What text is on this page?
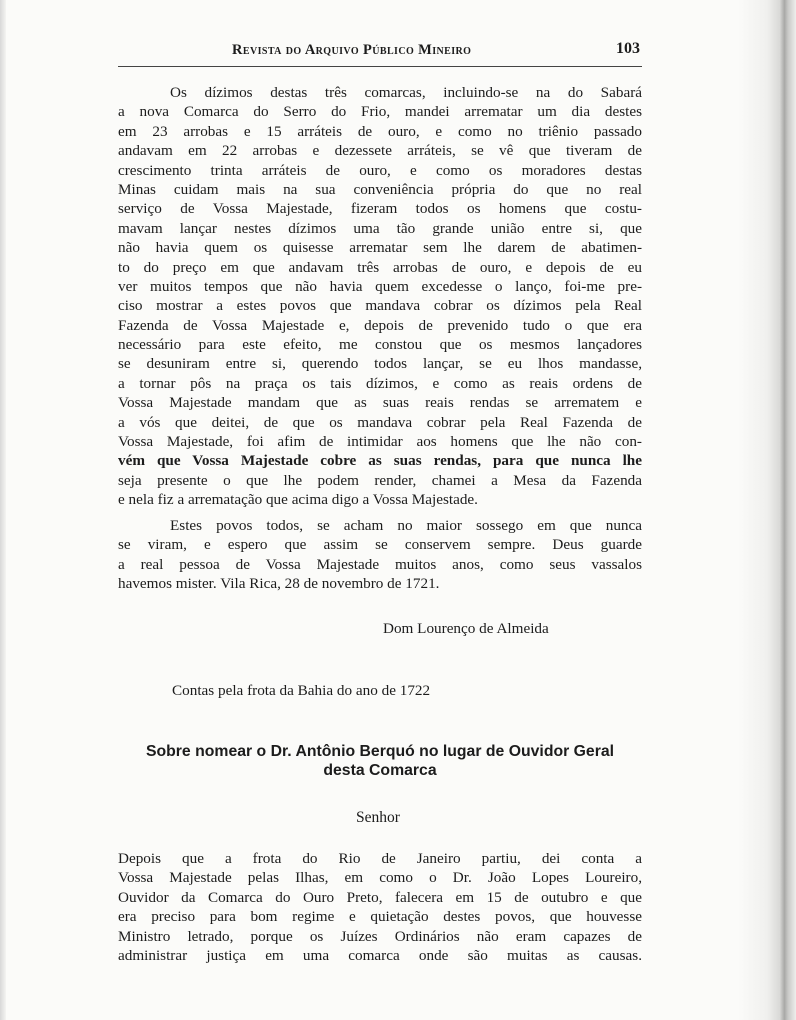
Revista do Arquivo Público Mineiro	103
Os dízimos destas três comarcas, incluindo-se na do Sabará
a nova Comarca do Serro do Frio, mandei arrematar um dia destes
em 23 arrobas e 15 arráteis de ouro, e como no triênio passado
andavam em 22 arrobas e dezessete arráteis, se vê que tiveram de
crescimento trinta arráteis de ouro, e como os moradores destas
Minas cuidam mais na sua conveniência própria do que no real
serviço de Vossa Majestade, fizeram todos os homens que costu-
mavam lançar nestes dízimos uma tão grande união entre si, que
não havia quem os quisesse arrematar sem lhe darem de abatimen-
to do preço em que andavam três arrobas de ouro, e depois de eu
ver muitos tempos que não havia quem excedesse o lanço, foi-me pre-
ciso mostrar a estes povos que mandava cobrar os dízimos pela Real
Fazenda de Vossa Majestade e, depois de prevenido tudo o que era
necessário para este efeito, me constou que os mesmos lançadores
se desuniram entre si, querendo todos lançar, se eu lhos mandasse,
a tornar pôs na praça os tais dízimos, e como as reais ordens de
Vossa Majestade mandam que as suas reais rendas se arrematem e
a vós que deitei, de que os mandava cobrar pela Real Fazenda de
Vossa Majestade, foi afim de intimidar aos homens que lhe não con-
vém que Vossa Majestade cobre as suas rendas, para que nunca lhe
seja presente o que lhe podem render, chamei a Mesa da Fazenda
e nela fiz a arrematação que acima digo a Vossa Majestade.
Estes povos todos, se acham no maior sossego em que nunca
se viram, e espero que assim se conservem sempre. Deus guarde
a real pessoa de Vossa Majestade muitos anos, como seus vassalos
havemos mister. Vila Rica, 28 de novembro de 1721.
Dom Lourenço de Almeida
Contas pela frota da Bahia do ano de 1722
Sobre nomear o Dr. Antônio Berquó no lugar de Ouvidor Geral
desta Comarca
Senhor
Depois que a frota do Rio de Janeiro partiu, dei conta a
Vossa Majestade pelas Ilhas, em como o Dr. João Lopes Loureiro,
Ouvidor da Comarca do Ouro Preto, falecera em 15 de outubro e que
era preciso para bom regime e quietação destes povos, que houvesse
Ministro letrado, porque os Juízes Ordinários não eram capazes de
administrar justiça em uma comarca onde são muitas as causas.
